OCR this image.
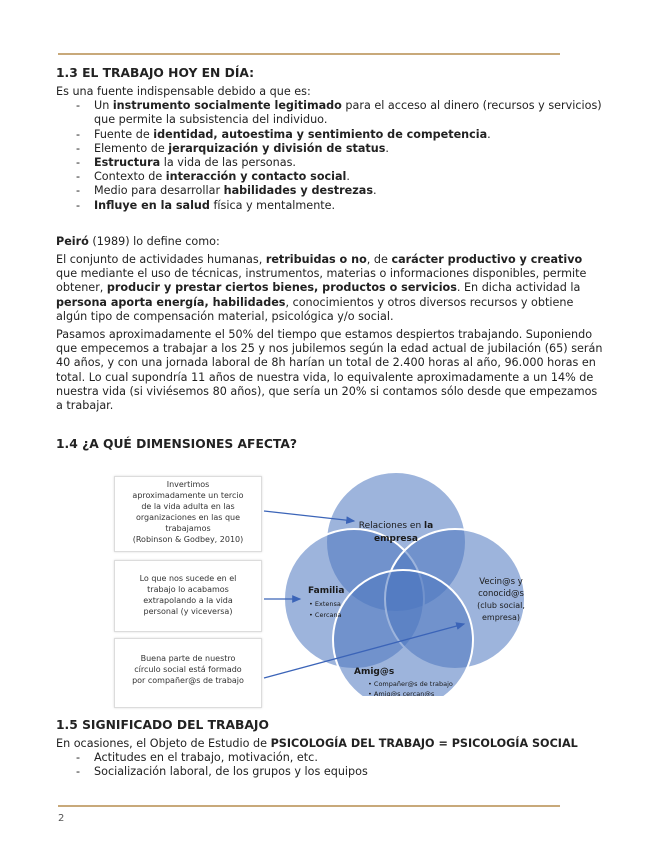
1.3 EL TRABAJO HOY EN DÍA:

Es una fuente indispensable debido a que es:

- Un instrumento socialmente legitimado para el acceso al dinero (recursos y servicios) que permite la subsistencia del individuo.
- Fuente de identidad, autoestima y sentimiento de competencia.
- Elemento de jerarquización y división de status.
- Estructura la vida de las personas.
- Contexto de interacción y contacto social.
- Medio para desarrollar habilidades y destrezas.
- Influye en la salud física y mentalmente.

Peiró (1989) lo define como:

El conjunto de actividades humanas, retribuidas o no, de carácter productivo y creativo que mediante el uso de técnicas, instrumentos, materias o informaciones disponibles, permite obtener, producir y prestar ciertos bienes, productos o servicios. En dicha actividad la persona aporta energía, habilidades, conocimientos y otros diversos recursos y obtiene algún tipo de compensación material, psicológica y/o social.

Pasamos aproximadamente el 50% del tiempo que estamos despiertos trabajando. Suponiendo que empecemos a trabajar a los 25 y nos jubilemos según la edad actual de jubilación (65) serán 40 años, y con una jornada laboral de 8h harían un total de 2.400 horas al año, 96.000 horas en total. Lo cual supondría 11 años de nuestra vida, lo equivalente aproximadamente a un 14% de nuestra vida (si viviésemos 80 años), que sería un 20% si contamos sólo desde que empezamos a trabajar.

1.4 ¿A QUÉ DIMENSIONES AFECTA?
Relaciones en la
empresa
Familia
• Extensa
• Cercana
Vecin@s y
conocid@s
(club social,
empresa)
Amig@s
• Compañer@s de trabajo
• Amig@s cercan@s
Invertimos
aproximadamente un tercio
de la vida adulta en las
organizaciones en las que
trabajamos
(Robinson & Godbey, 2010)
Lo que nos sucede en el
trabajo lo acabamos
extrapolando a la vida
personal (y viceversa)
Buena parte de nuestro
círculo social está formado
por compañer@s de trabajo
1.5 SIGNIFICADO DEL TRABAJO

En ocasiones, el Objeto de Estudio de PSICOLOGÍA DEL TRABAJO = PSICOLOGÍA SOCIAL

- Actitudes en el trabajo, motivación, etc.
- Socialización laboral, de los grupos y los equipos
2
